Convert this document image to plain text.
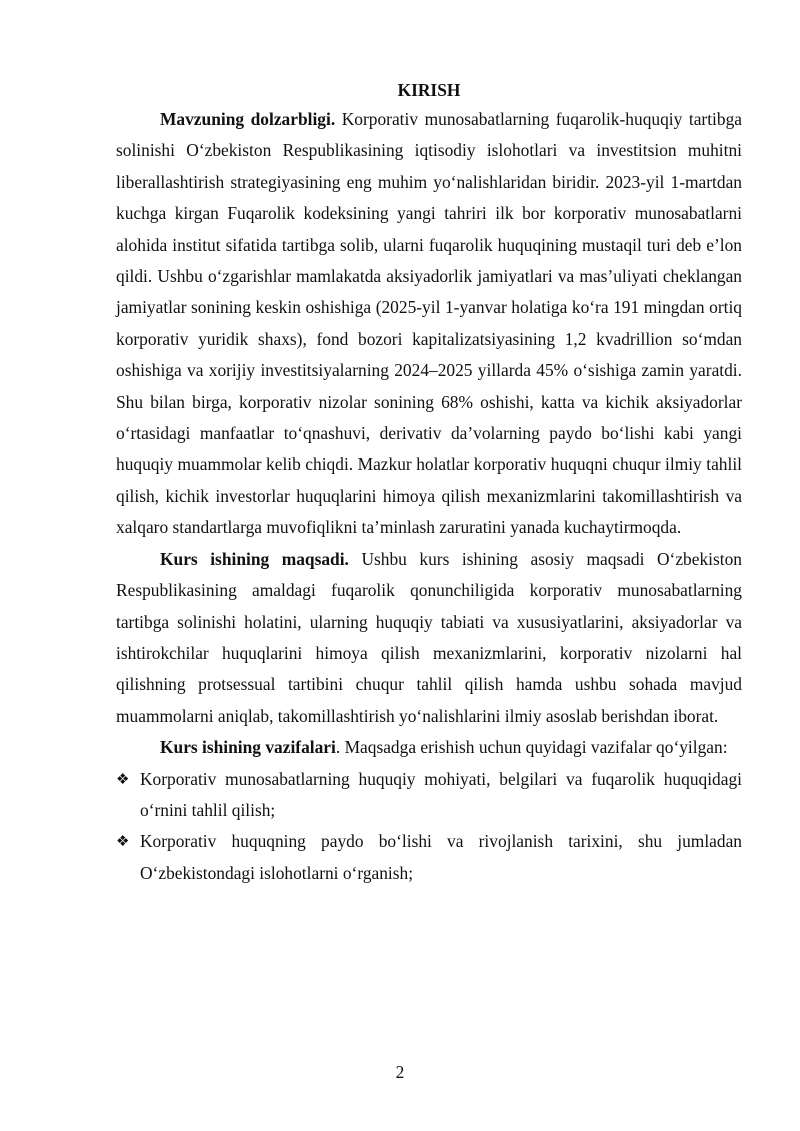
KIRISH

Mavzuning dolzarbligi. Korporativ munosabatlarning fuqarolik-huquqiy tartibga solinishi O‘zbekiston Respublikasining iqtisodiy islohotlari va investitsion muhitni liberallashtirish strategiyasining eng muhim yo‘nalishlaridan biridir. 2023-yil 1-martdan kuchga kirgan Fuqarolik kodeksining yangi tahriri ilk bor korporativ munosabatlarni alohida institut sifatida tartibga solib, ularni fuqarolik huquqining mustaqil turi deb e’lon qildi. Ushbu o‘zgarishlar mamlakatda aksiyadorlik jamiyatlari va mas’uliyati cheklangan jamiyatlar sonining keskin oshishiga (2025-yil 1-yanvar holatiga ko‘ra 191 mingdan ortiq korporativ yuridik shaxs), fond bozori kapitalizatsiyasining 1,2 kvadrillion so‘mdan oshishiga va xorijiy investitsiyalarning 2024–2025 yillarda 45% o‘sishiga zamin yaratdi. Shu bilan birga, korporativ nizolar sonining 68% oshishi, katta va kichik aksiyadorlar o‘rtasidagi manfaatlar to‘qnashuvi, derivativ da’volarning paydo bo‘lishi kabi yangi huquqiy muammolar kelib chiqdi. Mazkur holatlar korporativ huquqni chuqur ilmiy tahlil qilish, kichik investorlar huquqlarini himoya qilish mexanizmlarini takomillashtirish va xalqaro standartlarga muvofiqlikni ta’minlash zaruratini yanada kuchaytirmoqda.

Kurs ishining maqsadi. Ushbu kurs ishining asosiy maqsadi O‘zbekiston Respublikasining amaldagi fuqarolik qonunchiligida korporativ munosabatlarning tartibga solinishi holatini, ularning huquqiy tabiati va xususiyatlarini, aksiyadorlar va ishtirokchilar huquqlarini himoya qilish mexanizmlarini, korporativ nizolarni hal qilishning protsessual tartibini chuqur tahlil qilish hamda ushbu sohada mavjud muammolarni aniqlab, takomillashtirish yo‘nalishlarini ilmiy asoslab berishdan iborat.

Kurs ishining vazifalari. Maqsadga erishish uchun quyidagi vazifalar qo‘yilgan:

❖ Korporativ munosabatlarning huquqiy mohiyati, belgilari va fuqarolik huquqidagi o‘rnini tahlil qilish;
❖ Korporativ huquqning paydo bo‘lishi va rivojlanish tarixini, shu jumladan O‘zbekistondagi islohotlarni o‘rganish;
2
